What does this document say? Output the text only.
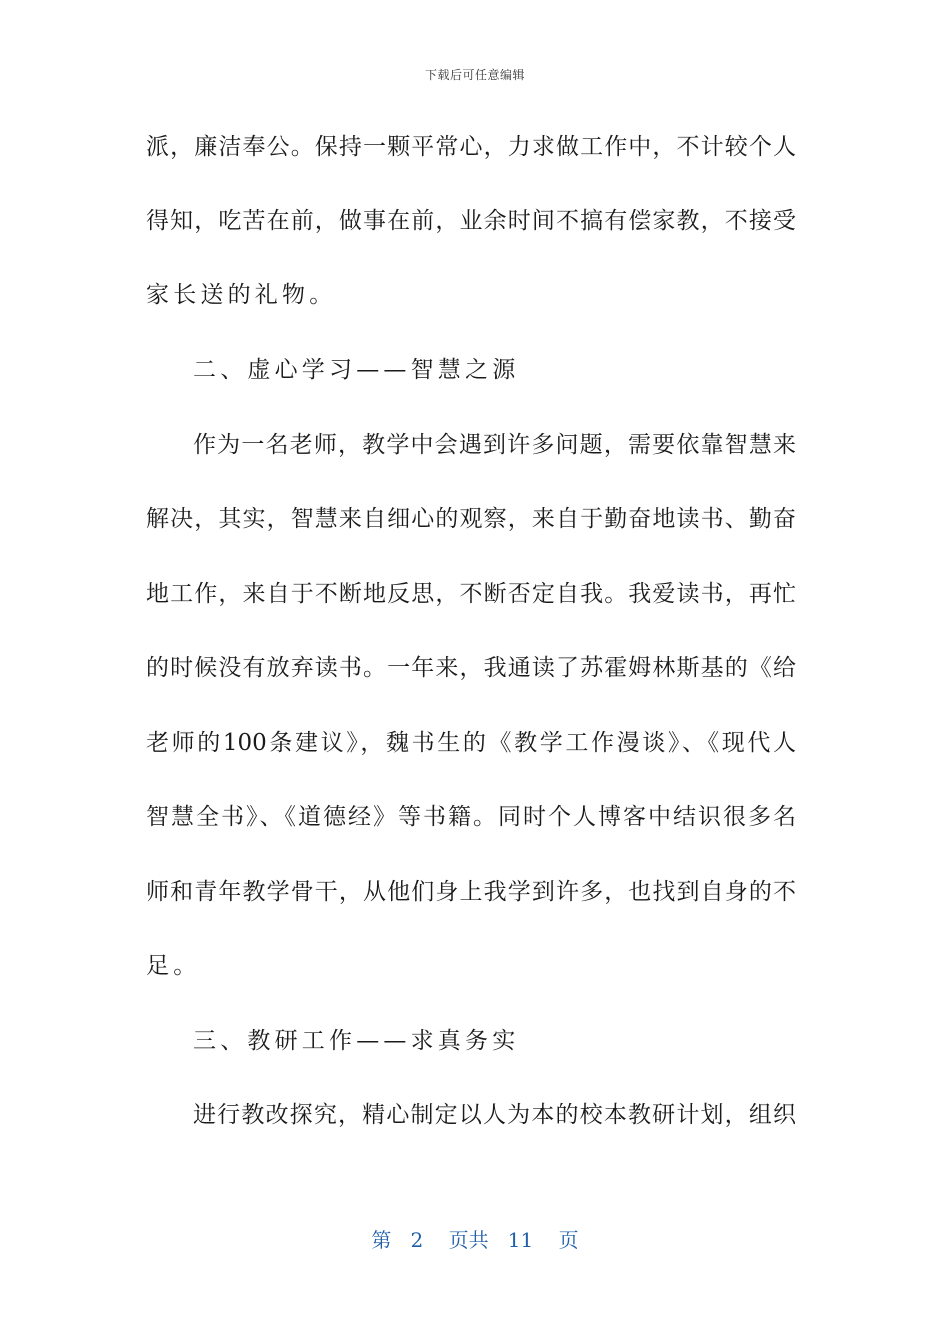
下载后可任意编辑
派，廉洁奉公。保持一颗平常心，力求做工作中，不计较个人
得知，吃苦在前，做事在前，业余时间不搞有偿家教，不接受
家长送的礼物。
二、虚心学习——智慧之源
作为一名老师，教学中会遇到许多问题，需要依靠智慧来
解决，其实，智慧来自细心的观察，来自于勤奋地读书、勤奋
地工作，来自于不断地反思，不断否定自我。我爱读书，再忙
的时候没有放弃读书。一年来，我通读了苏霍姆林斯基的《给
老师的100条建议》，魏书生的《教学工作漫谈》、《现代人
智慧全书》、《道德经》等书籍。同时个人博客中结识很多名
师和青年教学骨干，从他们身上我学到许多，也找到自身的不
足。
三、教研工作——求真务实
进行教改探究，精心制定以人为本的校本教研计划，组织
第 2 页共 11 页
